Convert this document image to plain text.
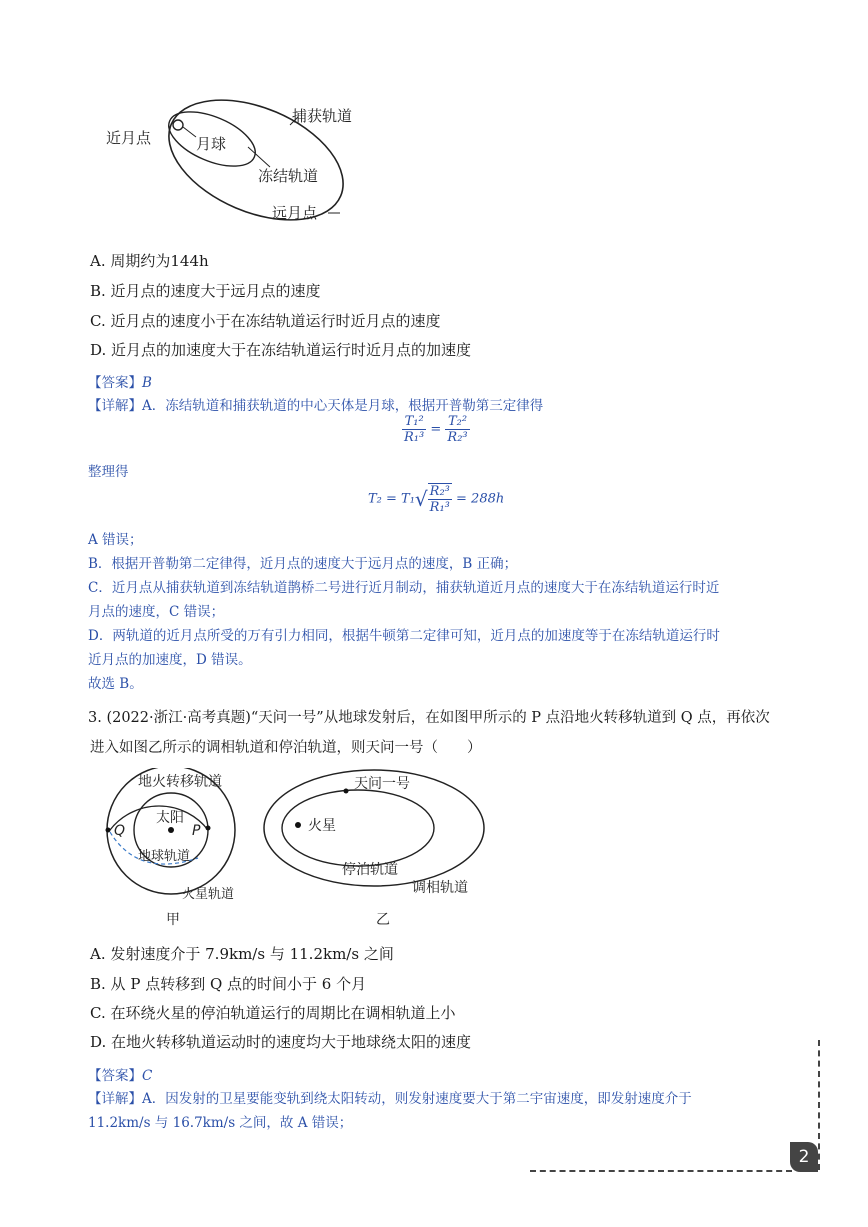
近月点	月球
捕获轨道
冻结轨道
远月点
A. 周期约为144h
B. 近月点的速度大于远月点的速度
C. 近月点的速度小于在冻结轨道运行时近月点的速度
D. 近月点的加速度大于在冻结轨道运行时近月点的加速度
【答案】B
【详解】A．冻结轨道和捕获轨道的中心天体是月球，根据开普勒第三定律得
$\frac{\text{T₁²}}{\text{R₁³}} = \frac{\text{T₂²}}{\text{R₂³}}$
整理得
$T_2 = T_1√ \frac{\text{R₂³}}{\text{R₁³}} = 288h$
A 错误；
B．根据开普勒第二定律得，近月点的速度大于远月点的速度，B 正确；
C．近月点从捕获轨道到冻结轨道鹊桥二号进行近月制动，捕获轨道近月点的速度大于在冻结轨道运行时近
月点的速度，C 错误；
D．两轨道的近月点所受的万有引力相同，根据牛顿第二定律可知，近月点的加速度等于在冻结轨道运行时
近月点的加速度，D 错误。
故选 B。
3. (2022·浙江·高考真题)“天问一号”从地球发射后，在如图甲所示的 P 点沿地火转移轨道到 Q 点，再依次
进入如图乙所示的调相轨道和停泊轨道，则天问一号（　　）
地火转移轨道
太阳
Q	P
地球轨道
火星轨道
甲
天问一号
火星
停泊轨道
调相轨道
乙
A. 发射速度介于 7.9km/s 与 11.2km/s 之间
B. 从 P 点转移到 Q 点的时间小于 6 个月
C. 在环绕火星的停泊轨道运行的周期比在调相轨道上小
D. 在地火转移轨道运动时的速度均大于地球绕太阳的速度
【答案】C
【详解】A．因发射的卫星要能变轨到绕太阳转动，则发射速度要大于第二宇宙速度，即发射速度介于
11.2km/s 与 16.7km/s 之间，故 A 错误；
2
